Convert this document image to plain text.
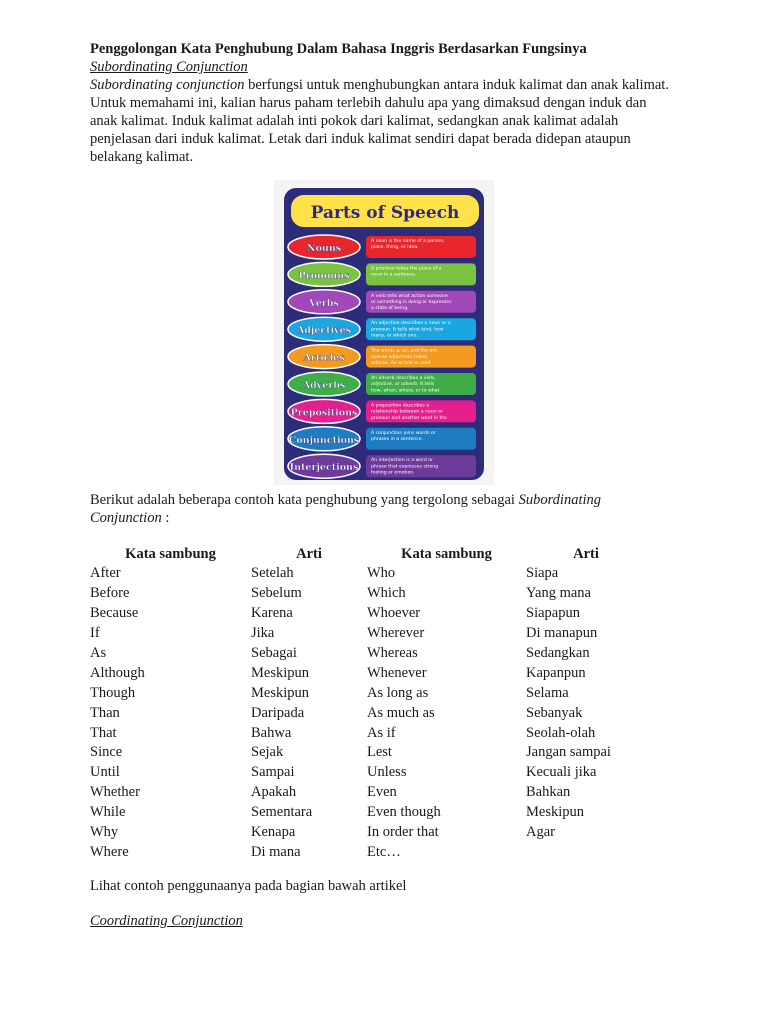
Penggolongan Kata Penghubung Dalam Bahasa Inggris Berdasarkan Fungsinya

Subordinating Conjunction

Subordinating conjunction berfungsi untuk menghubungkan antara induk kalimat dan anak kalimat. Untuk memahami ini, kalian harus paham terlebih dahulu apa yang dimaksud dengan induk dan anak kalimat. Induk kalimat adalah inti pokok dari kalimat, sedangkan anak kalimat adalah penjelasan dari induk kalimat. Letak dari induk kalimat sendiri dapat berada didepan ataupun belakang kalimat.

Parts of Speech
Nouns
A noun is the name of a person,
place, thing, or idea.
Pronouns
A pronoun takes the place of a
noun in a sentence.
Verbs
A verb tells what action someone
or something is doing or expresses
a state of being.
Adjectives
An adjective describes a noun or a
pronoun. It tells what kind, how
many, or which one.
Articles
The words a, an, and the are
special adjectives called
articles. An article is used
Adverbs
An adverb describes a verb,
adjective, or adverb. It tells
how, when, where, or to what
Prepositions
A preposition describes a
relationship between a noun or
pronoun and another word in the
Conjunctions
A conjunction joins words or
phrases in a sentence.
Interjections
An interjection is a word or
phrase that expresses strong
feeling or emotion.
Berikut adalah beberapa contoh kata penghubung yang tergolong sebagai Subordinating Conjunction :
Kata sambung	Arti	Kata sambung	Arti
After	Setelah	Who	Siapa
Before	Sebelum	Which	Yang mana
Because	Karena	Whoever	Siapapun
If	Jika	Wherever	Di manapun
As	Sebagai	Whereas	Sedangkan
Although	Meskipun	Whenever	Kapanpun
Though	Meskipun	As long as	Selama
Than	Daripada	As much as	Sebanyak
That	Bahwa	As if	Seolah-olah
Since	Sejak	Lest	Jangan sampai
Until	Sampai	Unless	Kecuali jika
Whether	Apakah	Even	Bahkan
While	Sementara	Even though	Meskipun
Why	Kenapa	In order that	Agar
Where	Di mana	Etc…	
Lihat contoh penggunaanya pada bagian bawah artikel
Coordinating Conjunction
